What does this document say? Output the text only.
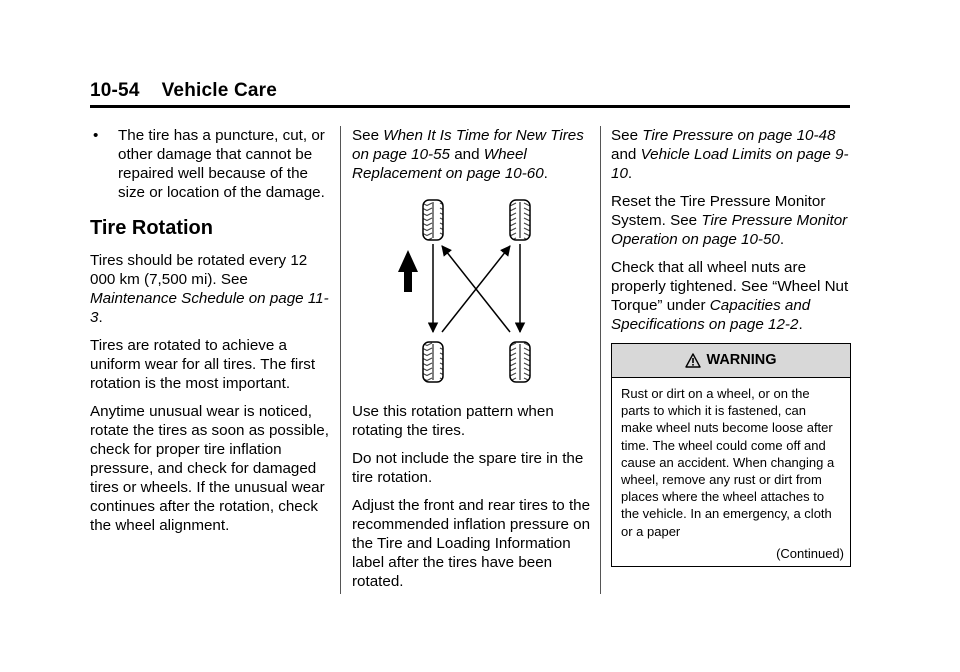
10-54 Vehicle Care
•	The tire has a puncture, cut, or other damage that cannot be repaired well because of the size or location of the damage.
Tire Rotation

Tires should be rotated every 12 000 km (7,500 mi). See Maintenance Schedule on page 11-3.

Tires are rotated to achieve a uniform wear for all tires. The first rotation is the most important.

Anytime unusual wear is noticed, rotate the tires as soon as possible, check for proper tire inflation pressure, and check for damaged tires or wheels. If the unusual wear continues after the rotation, check the wheel alignment.

See When It Is Time for New Tires on page 10-55 and Wheel Replacement on page 10-60.

Use this rotation pattern when rotating the tires.

Do not include the spare tire in the tire rotation.

Adjust the front and rear tires to the recommended inflation pressure on the Tire and Loading Information label after the tires have been rotated.

See Tire Pressure on page 10-48 and Vehicle Load Limits on page 9-10.

Reset the Tire Pressure Monitor System. See Tire Pressure Monitor Operation on page 10-50.

Check that all wheel nuts are properly tightened. See “Wheel Nut Torque” under Capacities and Specifications on page 12-2.

WARNING
Rust or dirt on a wheel, or on the parts to which it is fastened, can make wheel nuts become loose after time. The wheel could come off and cause an accident. When changing a wheel, remove any rust or dirt from places where the wheel attaches to the vehicle. In an emergency, a cloth or a paper
(Continued)
